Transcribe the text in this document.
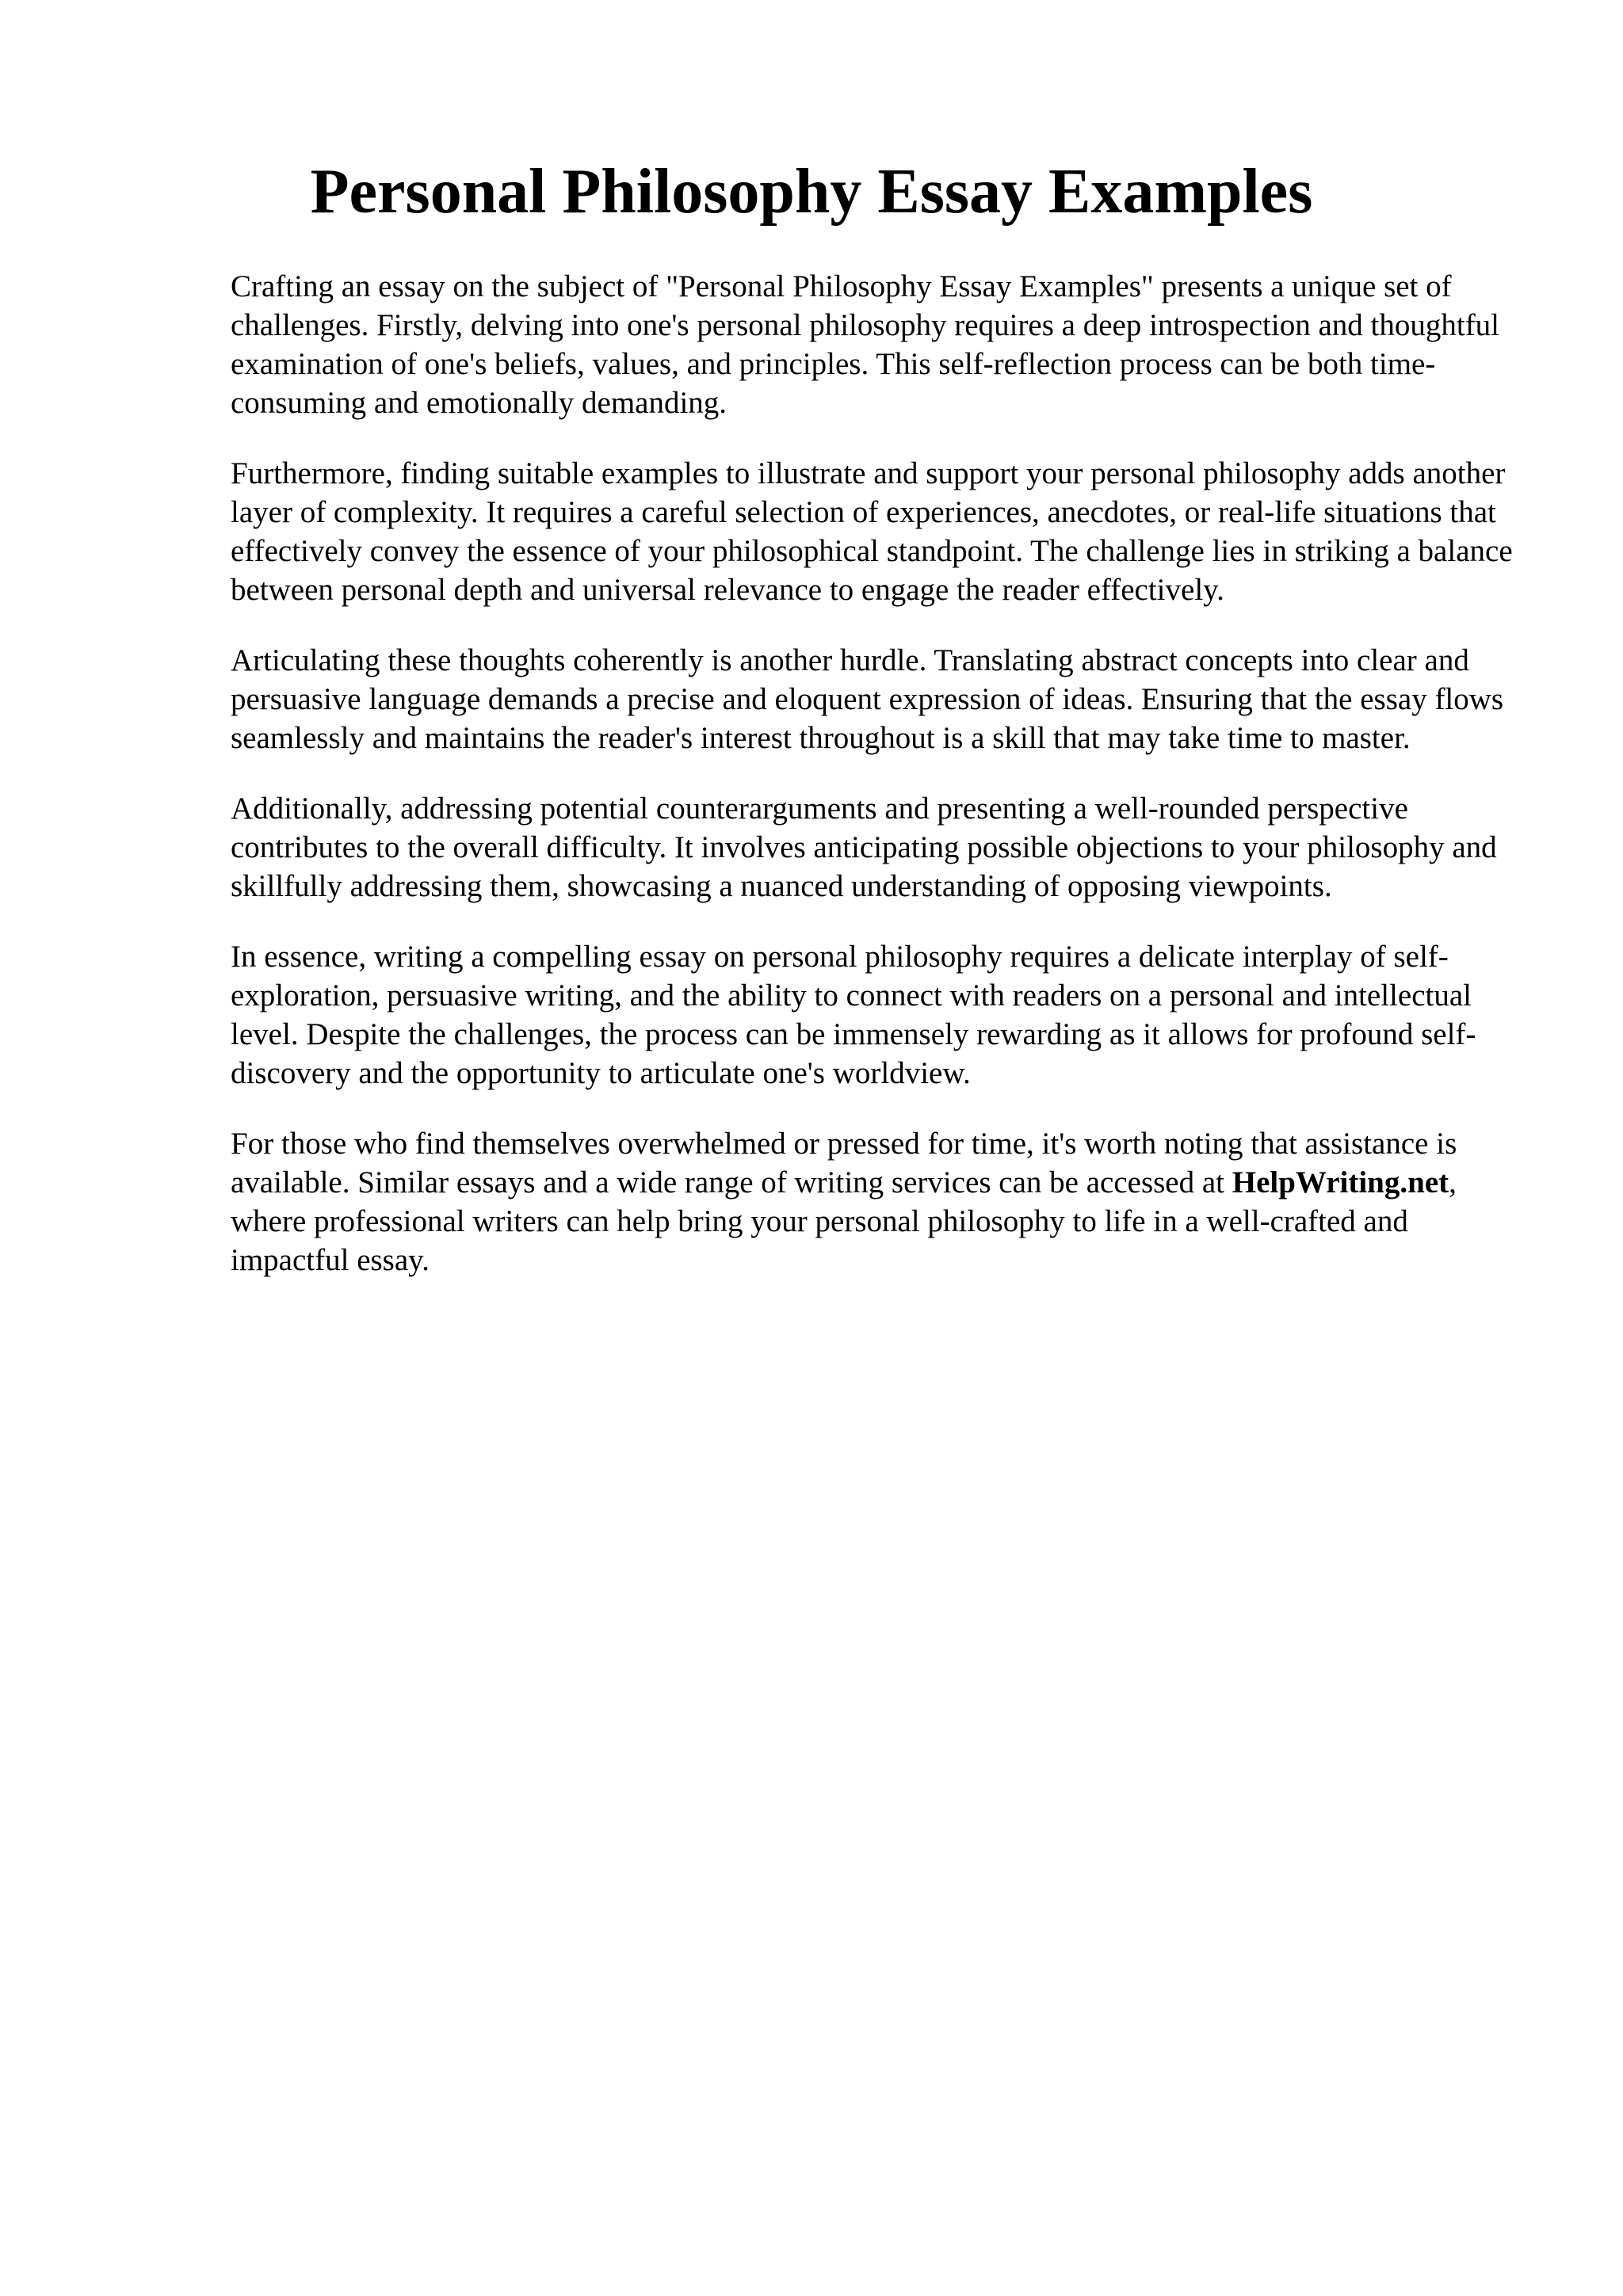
Personal Philosophy Essay Examples

Crafting an essay on the subject of "Personal Philosophy Essay Examples" presents a unique set of challenges. Firstly, delving into one's personal philosophy requires a deep introspection and thoughtful examination of one's beliefs, values, and principles. This self-reflection process can be both time-consuming and emotionally demanding.

Furthermore, finding suitable examples to illustrate and support your personal philosophy adds another layer of complexity. It requires a careful selection of experiences, anecdotes, or real-life situations that effectively convey the essence of your philosophical standpoint. The challenge lies in striking a balance between personal depth and universal relevance to engage the reader effectively.

Articulating these thoughts coherently is another hurdle. Translating abstract concepts into clear and persuasive language demands a precise and eloquent expression of ideas. Ensuring that the essay flows seamlessly and maintains the reader's interest throughout is a skill that may take time to master.

Additionally, addressing potential counterarguments and presenting a well-rounded perspective contributes to the overall difficulty. It involves anticipating possible objections to your philosophy and skillfully addressing them, showcasing a nuanced understanding of opposing viewpoints.

In essence, writing a compelling essay on personal philosophy requires a delicate interplay of self-exploration, persuasive writing, and the ability to connect with readers on a personal and intellectual level. Despite the challenges, the process can be immensely rewarding as it allows for profound self-discovery and the opportunity to articulate one's worldview.

For those who find themselves overwhelmed or pressed for time, it's worth noting that assistance is available. Similar essays and a wide range of writing services can be accessed at HelpWriting.net, where professional writers can help bring your personal philosophy to life in a well-crafted and impactful essay.
